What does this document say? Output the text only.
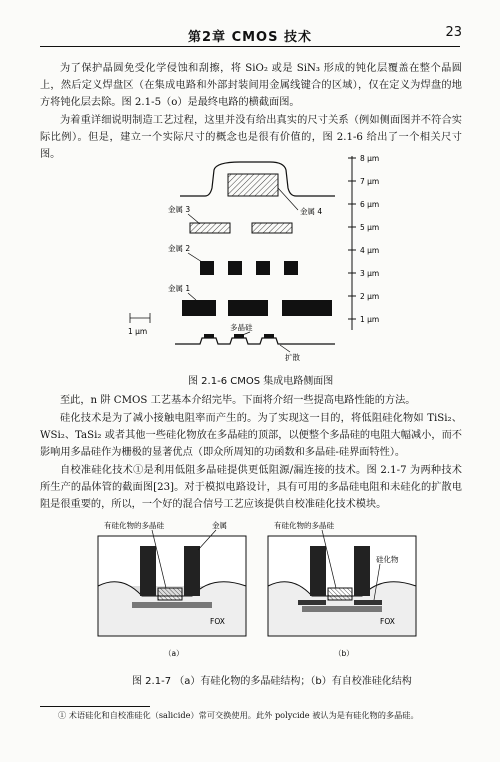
第2章 CMOS 技术	23

为了保护晶圆免受化学侵蚀和刮擦，将 SiO₂ 或是 SiN₃ 形成的钝化层覆盖在整个晶圆上，然后定义焊盘区（在集成电路和外部封装间用金属线键合的区域），仅在定义为焊盘的地方将钝化层去除。图 2.1-5（o）是最终电路的横截面图。

为着重详细说明制造工艺过程，这里并没有给出真实的尺寸关系（例如侧面图并不符合实际比例）。但是，建立一个实际尺寸的概念也是很有价值的，图 2.1-6 给出了一个相关尺寸图。	8 μm
7 μm
6 μm
5 μm
4 μm
3 μm
2 μm
1 μm
金属 4
金属 3
金属 2
金属 1
多晶硅
扩散
1 μm
图 2.1-6 CMOS 集成电路侧面图

至此，n 阱 CMOS 工艺基本介绍完毕。下面将介绍一些提高电路性能的方法。

硅化技术是为了减小接触电阻率而产生的。为了实现这一目的，将低阻硅化物如 TiSi₂、WSi₂、TaSi₂ 或者其他一些硅化物放在多晶硅的顶部，以便整个多晶硅的电阻大幅减小，而不影响用多晶硅作为栅极的显著优点（即众所周知的功函数和多晶硅-硅界面特性）。

自校准硅化技术①是利用低阻多晶硅提供更低阻源/漏连接的技术。图 2.1-7 为两种技术所生产的晶体管的截面图[23]。对于模拟电路设计，具有可用的多晶硅电阻和未硅化的扩散电阻是很重要的，所以，一个好的混合信号工艺应该提供自校准硅化技术模块。

FOX
有硅化物的多晶硅	金属
（a）
FOX
有硅化物的多晶硅
硅化物
（b）
图 2.1-7 （a）有硅化物的多晶硅结构；（b）有自校准硅化结构
① 术语硅化和自校准硅化（salicide）常可交换使用。此外 polycide 被认为是有硅化物的多晶硅。
